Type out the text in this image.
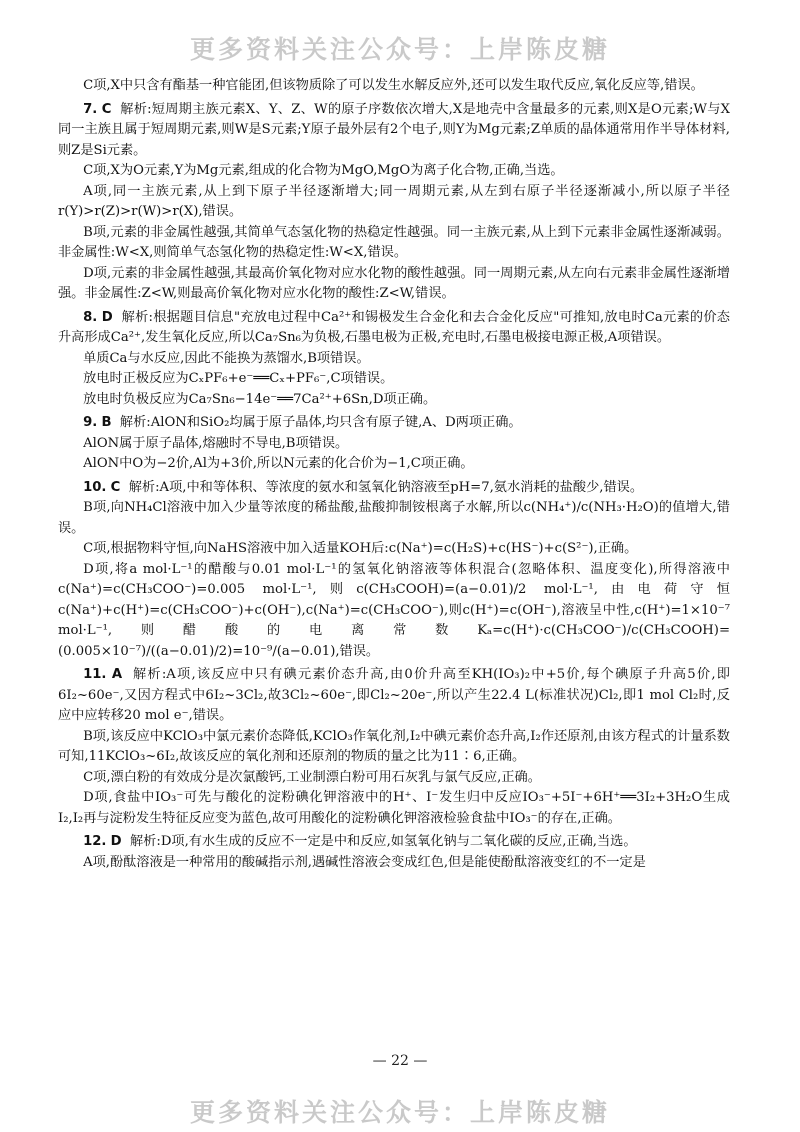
更多资料关注公众号：上岸陈皮糖

C项,X中只含有酯基一种官能团,但该物质除了可以发生水解反应外,还可以发生取代反应,氧化反应等,错误。

7. C 解析:短周期主族元素X、Y、Z、W的原子序数依次增大,X是地壳中含量最多的元素,则X是O元素;W与X同一主族且属于短周期元素,则W是S元素;Y原子最外层有2个电子,则Y为Mg元素;Z单质的晶体通常用作半导体材料,则Z是Si元素。

C项,X为O元素,Y为Mg元素,组成的化合物为MgO,MgO为离子化合物,正确,当选。

A项,同一主族元素,从上到下原子半径逐渐增大;同一周期元素,从左到右原子半径逐渐减小,所以原子半径r(Y)>r(Z)>r(W)>r(X),错误。

B项,元素的非金属性越强,其简单气态氢化物的热稳定性越强。同一主族元素,从上到下元素非金属性逐渐减弱。非金属性:W<X,则简单气态氢化物的热稳定性:W<X,错误。

D项,元素的非金属性越强,其最高价氧化物对应水化物的酸性越强。同一周期元素,从左向右元素非金属性逐渐增强。非金属性:Z<W,则最高价氧化物对应水化物的酸性:Z<W,错误。

8. D 解析:根据题目信息"充放电过程中Ca²⁺和锡极发生合金化和去合金化反应"可推知,放电时Ca元素的价态升高形成Ca²⁺,发生氧化反应,所以Ca₇Sn₆为负极,石墨电极为正极,充电时,石墨电极接电源正极,A项错误。

单质Ca与水反应,因此不能换为蒸馏水,B项错误。

放电时正极反应为CₓPF₆+e⁻══Cₓ+PF₆⁻,C项错误。

放电时负极反应为Ca₇Sn₆−14e⁻══7Ca²⁺+6Sn,D项正确。

9. B 解析:AlON和SiO₂均属于原子晶体,均只含有原子键,A、D两项正确。

AlON属于原子晶体,熔融时不导电,B项错误。

AlON中O为−2价,Al为+3价,所以N元素的化合价为−1,C项正确。

10. C 解析:A项,中和等体积、等浓度的氨水和氢氧化钠溶液至pH=7,氨水消耗的盐酸少,错误。

B项,向NH₄Cl溶液中加入少量等浓度的稀盐酸,盐酸抑制铵根离子水解,所以c(NH₄⁺)/c(NH₃·H₂O)的值增大,错误。

C项,根据物料守恒,向NaHS溶液中加入适量KOH后:c(Na⁺)=c(H₂S)+c(HS⁻)+c(S²⁻),正确。

D项,将a mol·L⁻¹的醋酸与0.01 mol·L⁻¹的氢氧化钠溶液等体积混合(忽略体积、温度变化),所得溶液中c(Na⁺)=c(CH₃COO⁻)=0.005 mol·L⁻¹,则c(CH₃COOH)=(a−0.01)/2 mol·L⁻¹,由电荷守恒c(Na⁺)+c(H⁺)=c(CH₃COO⁻)+c(OH⁻),c(Na⁺)=c(CH₃COO⁻),则c(H⁺)=c(OH⁻),溶液呈中性,c(H⁺)=1×10⁻⁷ mol·L⁻¹,则醋酸的电离常数Kₐ=c(H⁺)·c(CH₃COO⁻)/c(CH₃COOH)=(0.005×10⁻⁷)/((a−0.01)/2)=10⁻⁹/(a−0.01),错误。

11. A 解析:A项,该反应中只有碘元素价态升高,由0价升高至KH(IO₃)₂中+5价,每个碘原子升高5价,即6I₂~60e⁻,又因方程式中6I₂~3Cl₂,故3Cl₂~60e⁻,即Cl₂~20e⁻,所以产生22.4 L(标准状况)Cl₂,即1 mol Cl₂时,反应中应转移20 mol e⁻,错误。

B项,该反应中KClO₃中氯元素价态降低,KClO₃作氧化剂,I₂中碘元素价态升高,I₂作还原剂,由该方程式的计量系数可知,11KClO₃~6I₂,故该反应的氧化剂和还原剂的物质的量之比为11∶6,正确。

C项,漂白粉的有效成分是次氯酸钙,工业制漂白粉可用石灰乳与氯气反应,正确。

D项,食盐中IO₃⁻可先与酸化的淀粉碘化钾溶液中的H⁺、I⁻发生归中反应IO₃⁻+5I⁻+6H⁺══3I₂+3H₂O生成I₂,I₂再与淀粉发生特征反应变为蓝色,故可用酸化的淀粉碘化钾溶液检验食盐中IO₃⁻的存在,正确。

12. D 解析:D项,有水生成的反应不一定是中和反应,如氢氧化钠与二氧化碳的反应,正确,当选。

A项,酚酞溶液是一种常用的酸碱指示剂,遇碱性溶液会变成红色,但是能使酚酞溶液变红的不一定是

— 22 —
更多资料关注公众号：上岸陈皮糖
